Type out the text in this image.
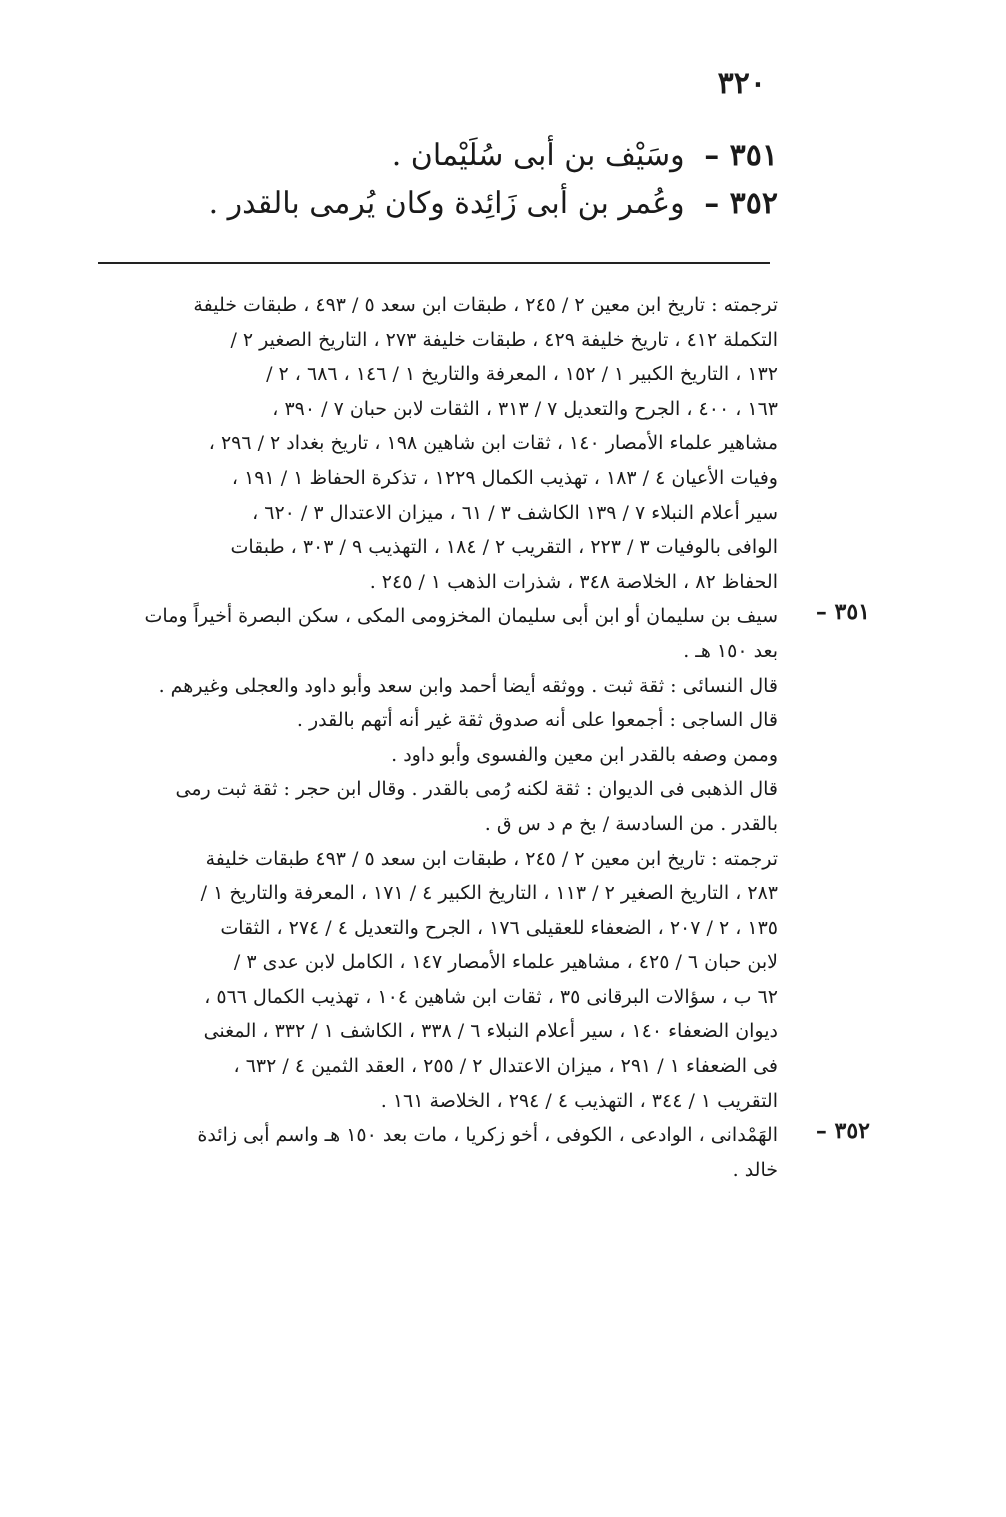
٣٢٠
٣٥١ – وسَيْف بن أبى سُلَيْمان .
٣٥٢ – وعُمر بن أبى زَائِدة وكان يُرمى بالقدر .
ترجمته : تاريخ ابن معين ٢ / ٢٤٥ ، طبقات ابن سعد ٥ / ٤٩٣ ، طبقات خليفة
التكملة ٤١٢ ، تاريخ خليفة ٤٢٩ ، طبقات خليفة ٢٧٣ ، التاريخ الصغير ٢ /
١٣٢ ، التاريخ الكبير ١ / ١٥٢ ، المعرفة والتاريخ ١ / ١٤٦ ، ٦٨٦ ، ٢ /
١٦٣ ، ٤٠٠ ، الجرح والتعديل ٧ / ٣١٣ ، الثقات لابن حبان ٧ / ٣٩٠ ،
مشاهير علماء الأمصار ١٤٠ ، ثقات ابن شاهين ١٩٨ ، تاريخ بغداد ٢ / ٢٩٦ ،
وفيات الأعيان ٤ / ١٨٣ ، تهذيب الكمال ١٢٢٩ ، تذكرة الحفاظ ١ / ١٩١ ،
سير أعلام النبلاء ٧ / ١٣٩ الكاشف ٣ / ٦١ ، ميزان الاعتدال ٣ / ٦٢٠ ،
الوافى بالوفيات ٣ / ٢٢٣ ، التقريب ٢ / ١٨٤ ، التهذيب ٩ / ٣٠٣ ، طبقات
الحفاظ ٨٢ ، الخلاصة ٣٤٨ ، شذرات الذهب ١ / ٢٤٥ .
٣٥١ –
سيف بن سليمان أو ابن أبى سليمان المخزومى المكى ، سكن البصرة أخيراً ومات
بعد ١٥٠ هـ .
قال النسائى : ثقة ثبت . ووثقه أيضا أحمد وابن سعد وأبو داود والعجلى وغيرهم .
قال الساجى : أجمعوا على أنه صدوق ثقة غير أنه أتهم بالقدر .
وممن وصفه بالقدر ابن معين والفسوى وأبو داود .
قال الذهبى فى الديوان : ثقة لكنه رُمى بالقدر . وقال ابن حجر : ثقة ثبت رمى
بالقدر . من السادسة / بخ م د س ق .
ترجمته : تاريخ ابن معين ٢ / ٢٤٥ ، طبقات ابن سعد ٥ / ٤٩٣ طبقات خليفة
٢٨٣ ، التاريخ الصغير ٢ / ١١٣ ، التاريخ الكبير ٤ / ١٧١ ، المعرفة والتاريخ ١ /
١٣٥ ، ٢ / ٢٠٧ ، الضعفاء للعقيلى ١٧٦ ، الجرح والتعديل ٤ / ٢٧٤ ، الثقات
لابن حبان ٦ / ٤٢٥ ، مشاهير علماء الأمصار ١٤٧ ، الكامل لابن عدى ٣ /
٦٢ ب ، سؤالات البرقانى ٣٥ ، ثقات ابن شاهين ١٠٤ ، تهذيب الكمال ٥٦٦ ،
ديوان الضعفاء ١٤٠ ، سير أعلام النبلاء ٦ / ٣٣٨ ، الكاشف ١ / ٣٣٢ ، المغنى
فى الضعفاء ١ / ٢٩١ ، ميزان الاعتدال ٢ / ٢٥٥ ، العقد الثمين ٤ / ٦٣٢ ،
التقريب ١ / ٣٤٤ ، التهذيب ٤ / ٢٩٤ ، الخلاصة ١٦١ .
٣٥٢ –
الهَمْدانى ، الوادعى ، الكوفى ، أخو زكريا ، مات بعد ١٥٠ هـ واسم أبى زائدة
خالد .
